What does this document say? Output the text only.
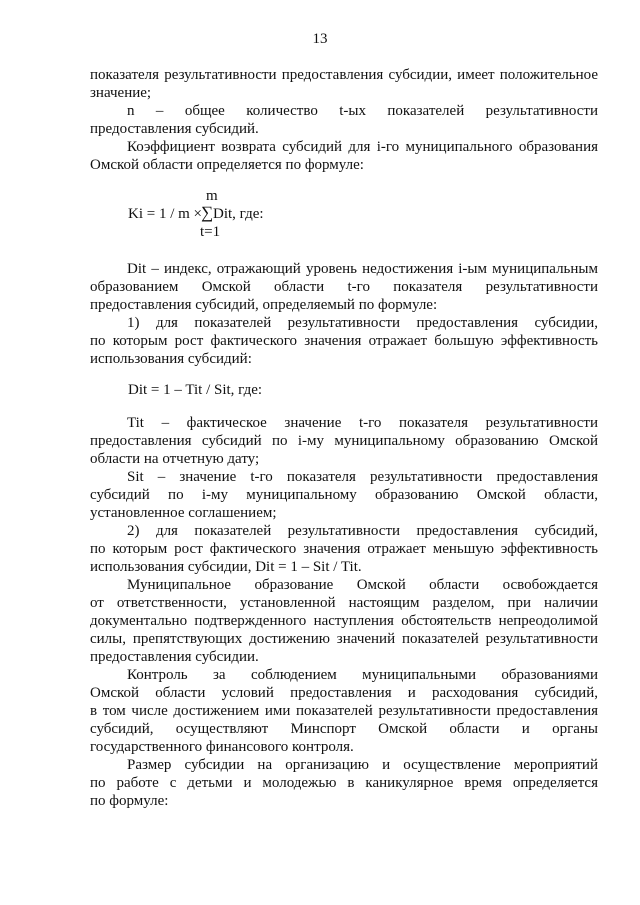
13
показателя результативности предоставления субсидии, имеет положительное
значение;
n – общее количество t-ых показателей результативности
предоставления субсидий.
Коэффициент возврата субсидий для i-го муниципального образования
Омской области определяется по формуле:
m
Ki = 1 / m ×
∑ Dit, где:
t=1
Dit – индекс, отражающий уровень недостижения i-ым муниципальным
образованием Омской области t-го показателя результативности
предоставления субсидий, определяемый по формуле:
1) для показателей результативности предоставления субсидии,
по которым рост фактического значения отражает большую эффективность
использования субсидий:
Dit = 1 – Tit / Sit, где:
Tit – фактическое значение t-го показателя результативности
предоставления субсидий по i-му муниципальному образованию Омской
области на отчетную дату;
Sit – значение t-го показателя результативности предоставления
субсидий по i-му муниципальному образованию Омской области,
установленное соглашением;
2) для показателей результативности предоставления субсидий,
по которым рост фактического значения отражает меньшую эффективность
использования субсидии, Dit = 1 – Sit / Tit.
Муниципальное образование Омской области освобождается
от ответственности, установленной настоящим разделом, при наличии
документально подтвержденного наступления обстоятельств непреодолимой
силы, препятствующих достижению значений показателей результативности
предоставления субсидии.
Контроль за соблюдением муниципальными образованиями
Омской области условий предоставления и расходования субсидий,
в том числе достижением ими показателей результативности предоставления
субсидий, осуществляют Минспорт Омской области и органы
государственного финансового контроля.
Размер субсидии на организацию и осуществление мероприятий
по работе с детьми и молодежью в каникулярное время определяется
по формуле:
